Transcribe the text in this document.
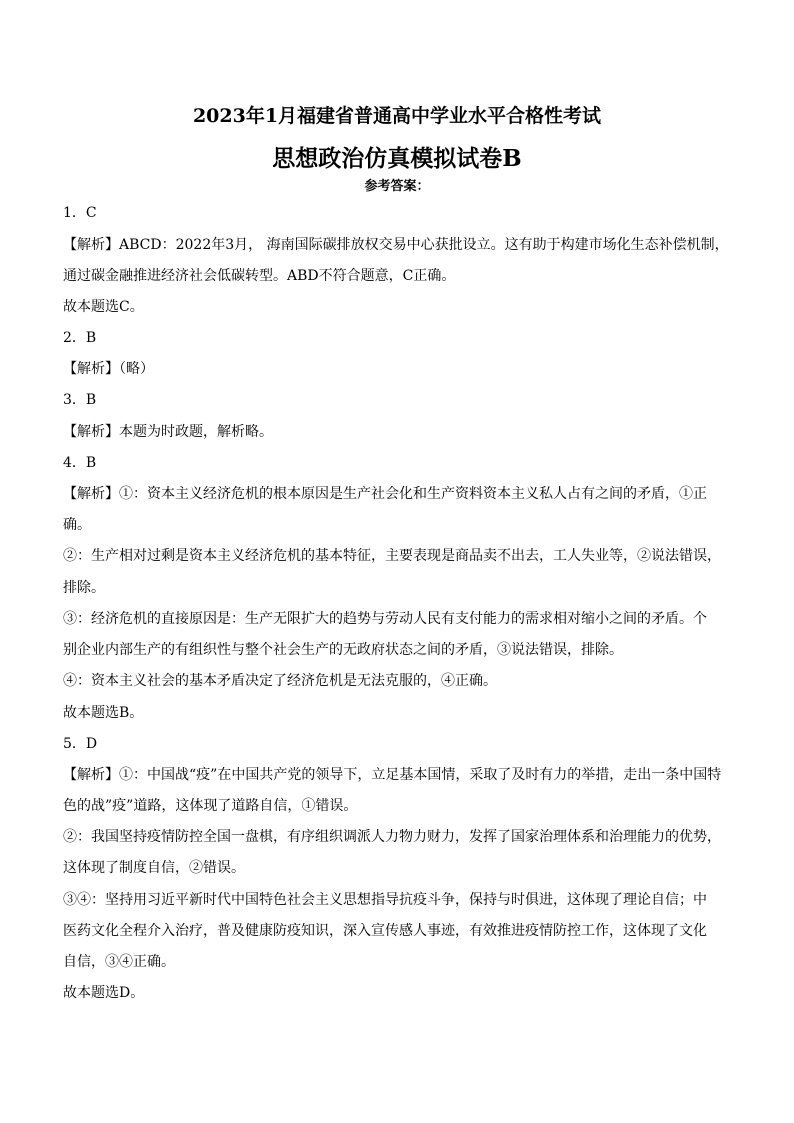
2023年1月福建省普通高中学业水平合格性考试
思想政治仿真模拟试卷B
参考答案：
1．C
【解析】ABCD：2022年3月， 海南国际碳排放权交易中心获批设立。这有助于构建市场化生态补偿机制，
通过碳金融推进经济社会低碳转型。ABD不符合题意，C正确。
故本题选C。
2．B
【解析】（略）
3．B
【解析】本题为时政题，解析略。
4．B
【解析】①：资本主义经济危机的根本原因是生产社会化和生产资料资本主义私人占有之间的矛盾，①正
确。
②：生产相对过剩是资本主义经济危机的基本特征，主要表现是商品卖不出去，工人失业等，②说法错误，
排除。
③：经济危机的直接原因是：生产无限扩大的趋势与劳动人民有支付能力的需求相对缩小之间的矛盾。个
别企业内部生产的有组织性与整个社会生产的无政府状态之间的矛盾，③说法错误，排除。
④：资本主义社会的基本矛盾决定了经济危机是无法克服的，④正确。
故本题选B。
5．D
【解析】①：中国战“疫”在中国共产党的领导下，立足基本国情，采取了及时有力的举措，走出一条中国特
色的战”疫”道路，这体现了道路自信，①错误。
②：我国坚持疫情防控全国一盘棋，有序组织调派人力物力财力，发挥了国家治理体系和治理能力的优势，
这体现了制度自信，②错误。
③④：坚持用习近平新时代中国特色社会主义思想指导抗疫斗争，保持与时俱进，这体现了理论自信；中
医药文化全程介入治疗，普及健康防疫知识，深入宣传感人事迹，有效推进疫情防控工作，这体现了文化
自信，③④正确。
故本题选D。
